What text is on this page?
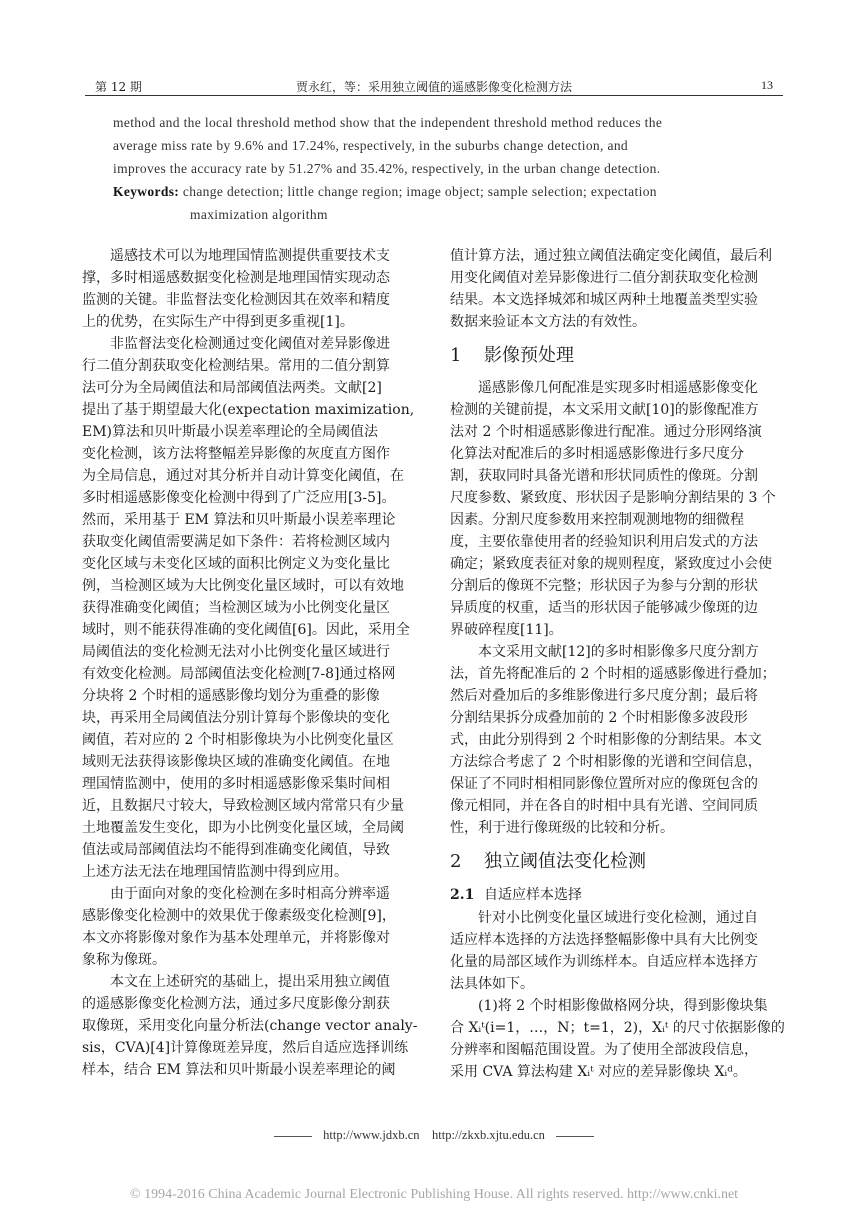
第 12 期	贾永红，等：采用独立阈值的遥感影像变化检测方法	13
method and the local threshold method show that the independent threshold method reduces the
average miss rate by 9.6% and 17.24%, respectively, in the suburbs change detection, and
improves the accuracy rate by 51.27% and 35.42%, respectively, in the urban change detection.
Keywords: change detection; little change region; image object; sample selection; expectation
maximization algorithm
遥感技术可以为地理国情监测提供重要技术支
撑，多时相遥感数据变化检测是地理国情实现动态
监测的关键。非监督法变化检测因其在效率和精度
上的优势，在实际生产中得到更多重视[1]。
非监督法变化检测通过变化阈值对差异影像进
行二值分割获取变化检测结果。常用的二值分割算
法可分为全局阈值法和局部阈值法两类。文献[2]
提出了基于期望最大化(expectation maximization,
EM)算法和贝叶斯最小误差率理论的全局阈值法
变化检测，该方法将整幅差异影像的灰度直方图作
为全局信息，通过对其分析并自动计算变化阈值，在
多时相遥感影像变化检测中得到了广泛应用[3-5]。
然而，采用基于 EM 算法和贝叶斯最小误差率理论
获取变化阈值需要满足如下条件：若将检测区域内
变化区域与未变化区域的面积比例定义为变化量比
例，当检测区域为大比例变化量区域时，可以有效地
获得准确变化阈值；当检测区域为小比例变化量区
域时，则不能获得准确的变化阈值[6]。因此，采用全
局阈值法的变化检测无法对小比例变化量区域进行
有效变化检测。局部阈值法变化检测[7-8]通过格网
分块将 2 个时相的遥感影像均划分为重叠的影像
块，再采用全局阈值法分别计算每个影像块的变化
阈值，若对应的 2 个时相影像块为小比例变化量区
域则无法获得该影像块区域的准确变化阈值。在地
理国情监测中，使用的多时相遥感影像采集时间相
近，且数据尺寸较大，导致检测区域内常常只有少量
土地覆盖发生变化，即为小比例变化量区域，全局阈
值法或局部阈值法均不能得到准确变化阈值，导致
上述方法无法在地理国情监测中得到应用。
由于面向对象的变化检测在多时相高分辨率遥
感影像变化检测中的效果优于像素级变化检测[9]，
本文亦将影像对象作为基本处理单元，并将影像对
象称为像斑。
本文在上述研究的基础上，提出采用独立阈值
的遥感影像变化检测方法，通过多尺度影像分割获
取像斑，采用变化向量分析法(change vector analy-
sis，CVA)[4]计算像斑差异度，然后自适应选择训练
样本，结合 EM 算法和贝叶斯最小误差率理论的阈
值计算方法，通过独立阈值法确定变化阈值，最后利
用变化阈值对差异影像进行二值分割获取变化检测
结果。本文选择城郊和城区两种土地覆盖类型实验
数据来验证本文方法的有效性。
1 影像预处理
遥感影像几何配准是实现多时相遥感影像变化
检测的关键前提，本文采用文献[10]的影像配准方
法对 2 个时相遥感影像进行配准。通过分形网络演
化算法对配准后的多时相遥感影像进行多尺度分
割，获取同时具备光谱和形状同质性的像斑。分割
尺度参数、紧致度、形状因子是影响分割结果的 3 个
因素。分割尺度参数用来控制观测地物的细微程
度，主要依靠使用者的经验知识利用启发式的方法
确定；紧致度表征对象的规则程度，紧致度过小会使
分割后的像斑不完整；形状因子为参与分割的形状
异质度的权重，适当的形状因子能够减少像斑的边
界破碎程度[11]。
本文采用文献[12]的多时相影像多尺度分割方
法，首先将配准后的 2 个时相的遥感影像进行叠加；
然后对叠加后的多维影像进行多尺度分割；最后将
分割结果拆分成叠加前的 2 个时相影像多波段形
式，由此分别得到 2 个时相影像的分割结果。本文
方法综合考虑了 2 个时相影像的光谱和空间信息，
保证了不同时相相同影像位置所对应的像斑包含的
像元相同，并在各自的时相中具有光谱、空间同质
性，利于进行像斑级的比较和分析。
2 独立阈值法变化检测
2.1 自适应样本选择
针对小比例变化量区域进行变化检测，通过自
适应样本选择的方法选择整幅影像中具有大比例变
化量的局部区域作为训练样本。自适应样本选择方
法具体如下。
(1)将 2 个时相影像做格网分块，得到影像块集
合 Xᵢᵗ(i=1，…，N；t=1，2)，Xᵢᵗ 的尺寸依据影像的
分辨率和图幅范围设置。为了使用全部波段信息，
采用 CVA 算法构建 Xᵢᵗ 对应的差异影像块 Xᵢᵈ。
http://www.jdxb.cn http://zkxb.xjtu.edu.cn
© 1994-2016 China Academic Journal Electronic Publishing House. All rights reserved. http://www.cnki.net
